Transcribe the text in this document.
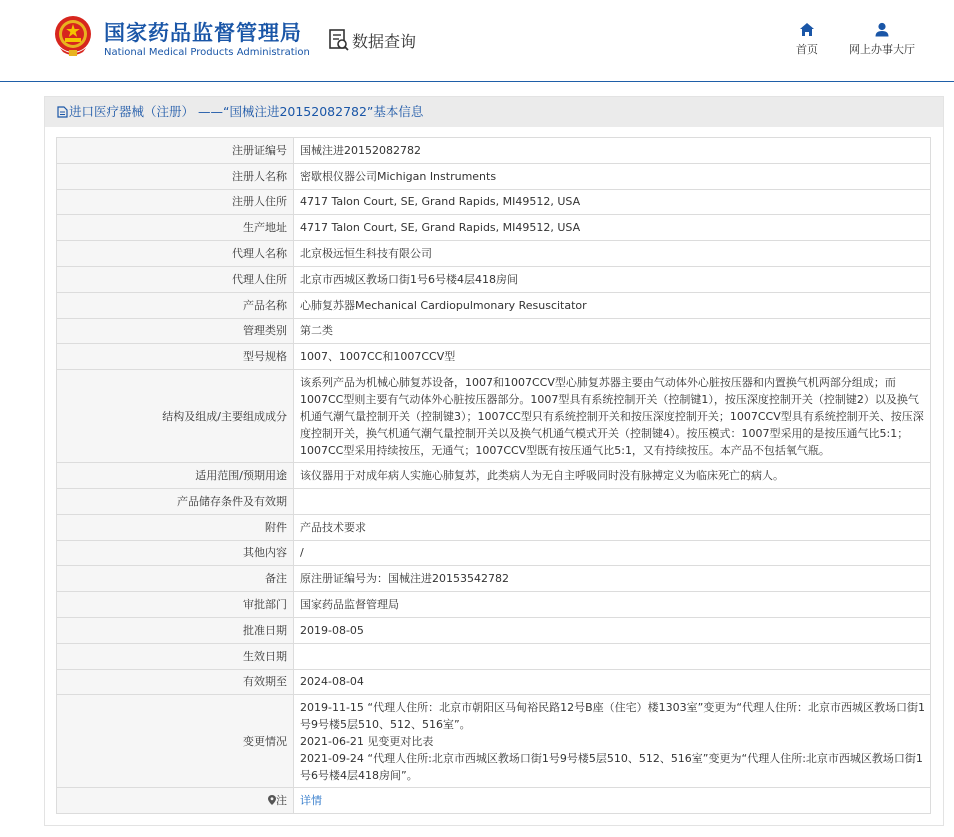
国家药品监督管理局
National Medical Products Administration
数据查询	首页	网上办事大厅
进口医疗器械（注册） ——“国械注进20152082782”基本信息
注册证编号	国械注进20152082782
注册人名称	密歇根仪器公司Michigan Instruments
注册人住所	4717 Talon Court, SE, Grand Rapids, MI49512, USA
生产地址	4717 Talon Court, SE, Grand Rapids, MI49512, USA
代理人名称	北京极远恒生科技有限公司
代理人住所	北京市西城区教场口街1号6号楼4层418房间
产品名称	心肺复苏器Mechanical Cardiopulmonary Resuscitator
管理类别	第二类
型号规格	1007、1007CC和1007CCV型
结构及组成/主要组成成分	该系列产品为机械心肺复苏设备，1007和1007CCV型心肺复苏器主要由气动体外心脏按压器和内置换气机两部分组成；而1007CC型则主要有气动体外心脏按压器部分。1007型具有系统控制开关（控制键1），按压深度控制开关（控制键2）以及换气机通气潮气量控制开关（控制键3）；1007CC型只有系统控制开关和按压深度控制开关；1007CCV型具有系统控制开关、按压深度控制开关，换气机通气潮气量控制开关以及换气机通气模式开关（控制键4）。按压模式：1007型采用的是按压通气比5:1；1007CC型采用持续按压，无通气；1007CCV型既有按压通气比5:1，又有持续按压。本产品不包括氧气瓶。
适用范围/预期用途	该仪器用于对成年病人实施心肺复苏，此类病人为无自主呼吸同时没有脉搏定义为临床死亡的病人。
产品储存条件及有效期	
附件	产品技术要求
其他内容	/
备注	原注册证编号为：国械注进20153542782
审批部门	国家药品监督管理局
批准日期	2019-08-05
生效日期	
有效期至	2024-08-04
变更情况	2019-11-15 “代理人住所：北京市朝阳区马甸裕民路12号B座（住宅）楼1303室”变更为“代理人住所：北京市西城区教场口街1号9号楼5层510、512、516室”。

2021-06-21 见变更对比表

2021-09-24 “代理人住所:北京市西城区教场口街1号9号楼5层510、512、516室”变更为“代理人住所:北京市西城区教场口街1号6号楼4层418房间”。

注	详情
